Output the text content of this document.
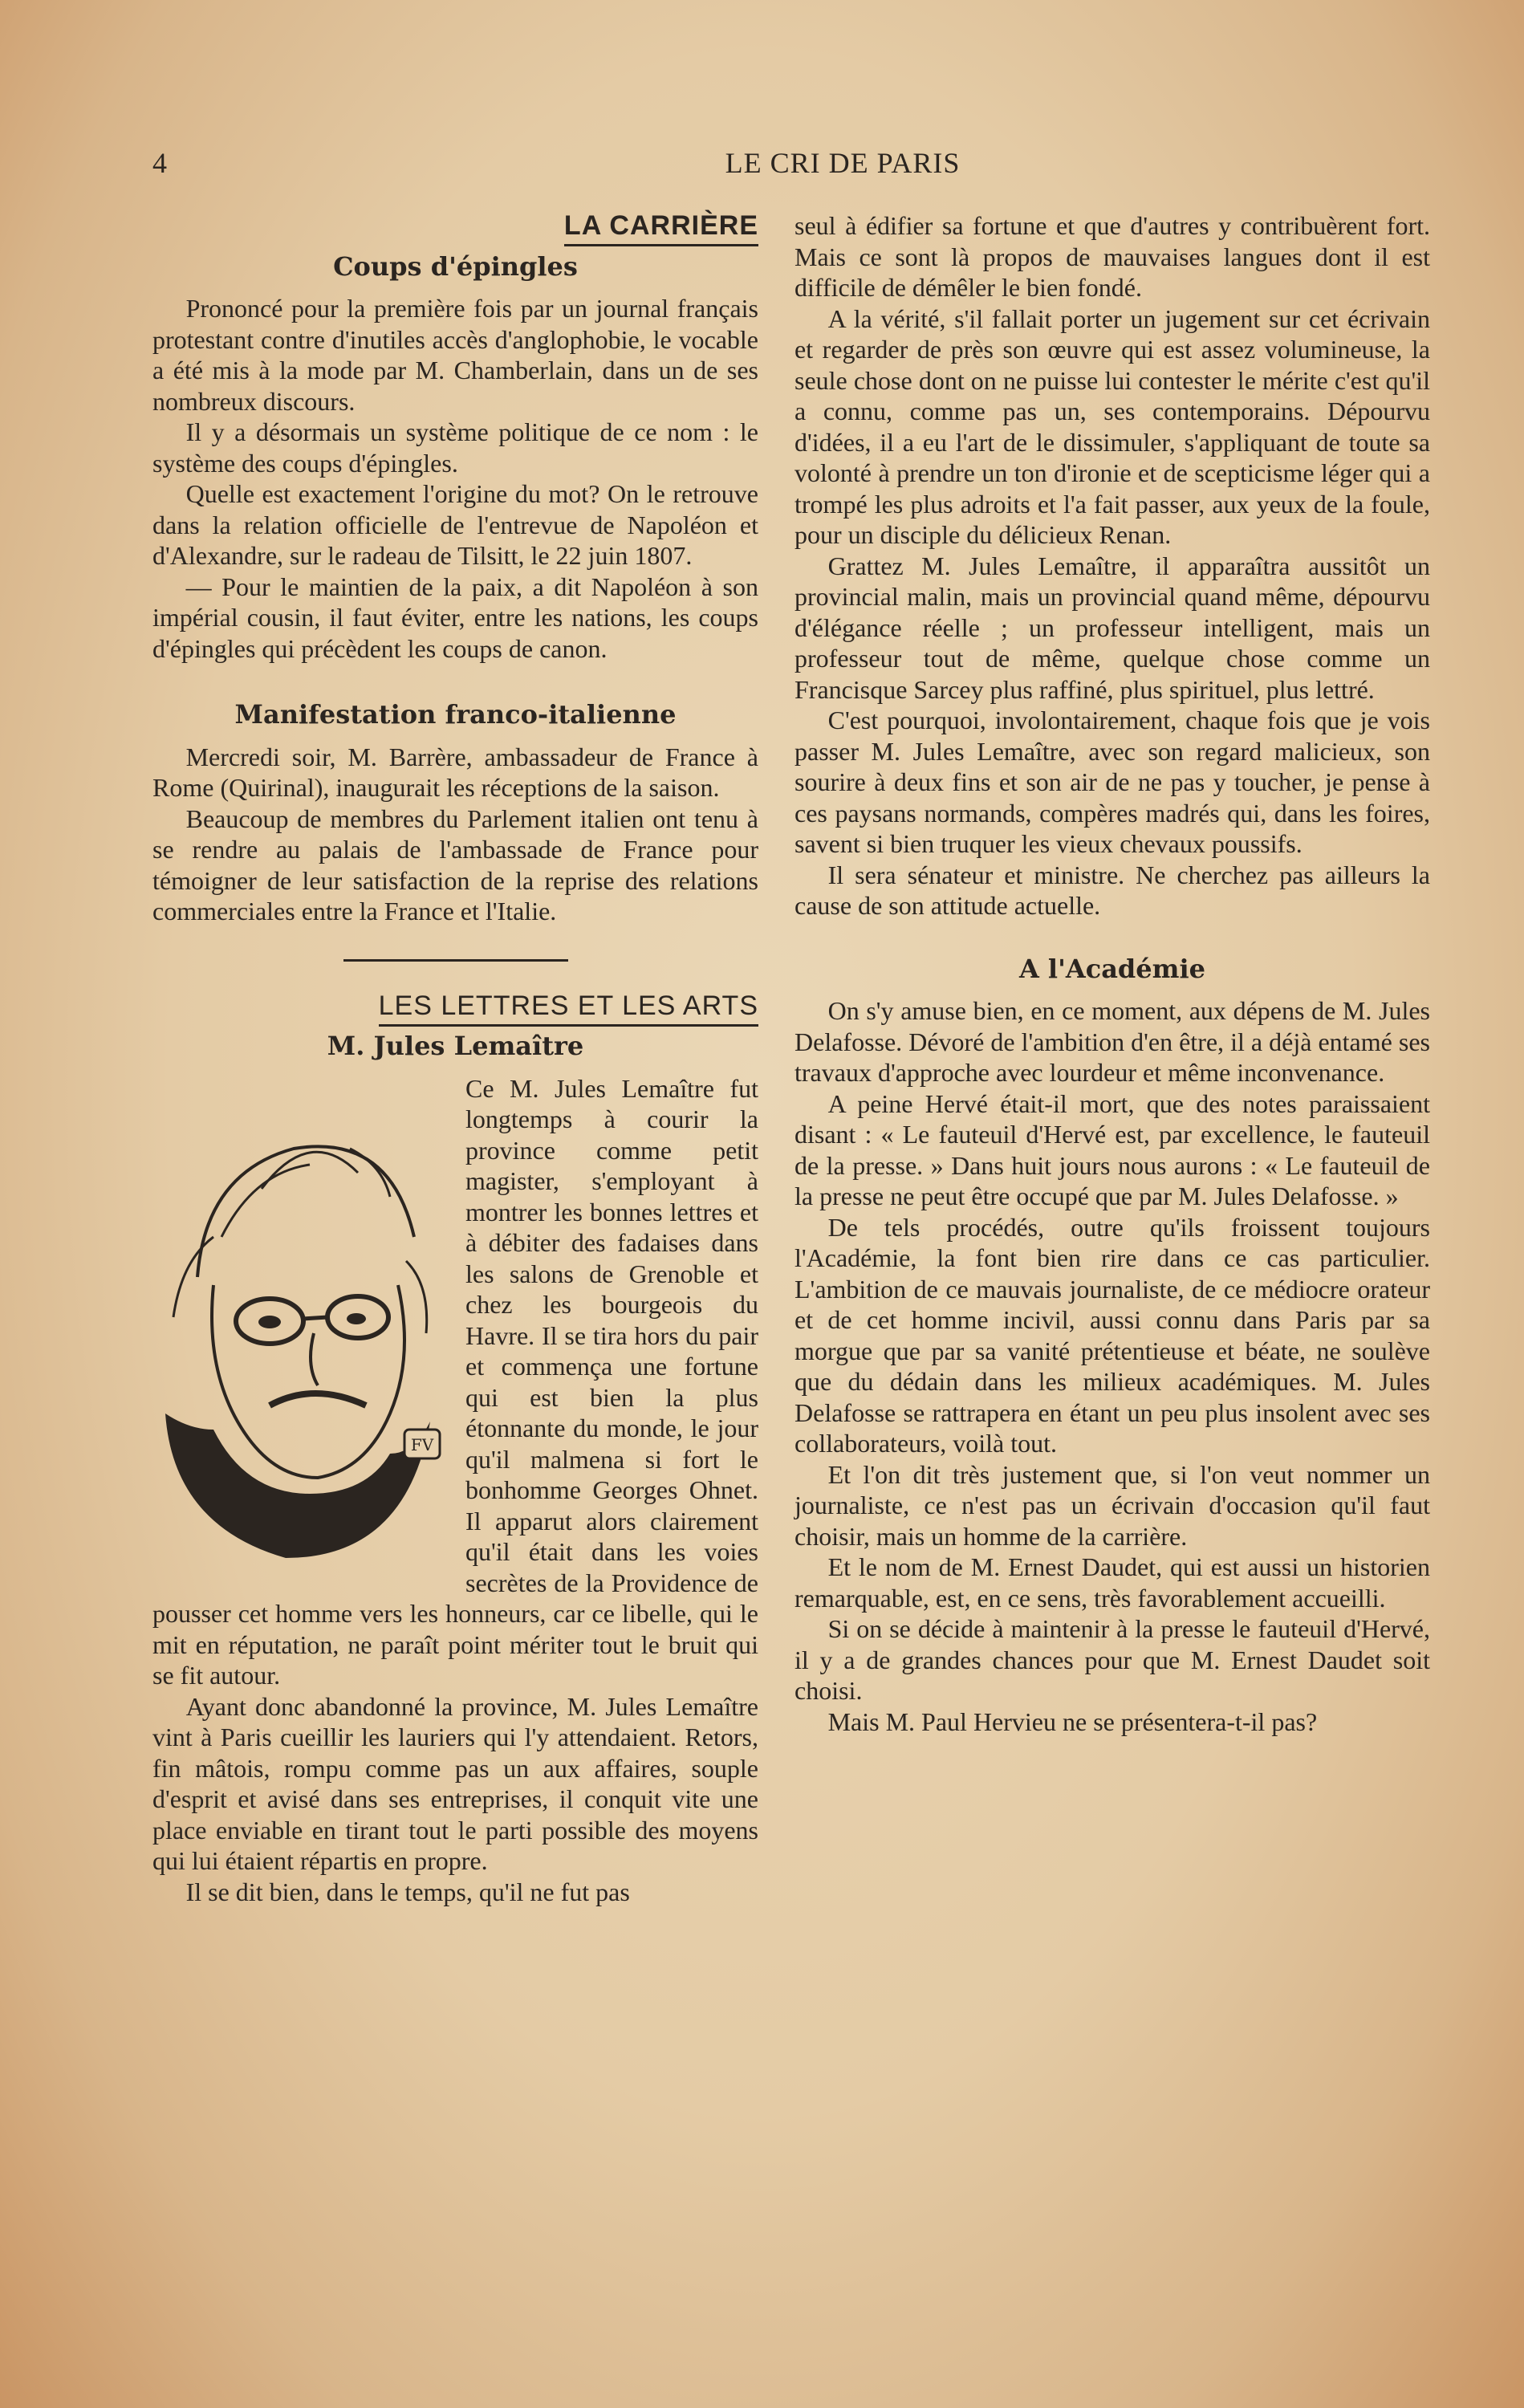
4	LE CRI DE PARIS
LA CARRIÈRE
Coups d'épingles

Prononcé pour la première fois par un journal français protestant contre d'inutiles accès d'anglophobie, le vocable a été mis à la mode par M. Chamberlain, dans un de ses nombreux discours.

Il y a désormais un système politique de ce nom : le système des coups d'épingles.

Quelle est exactement l'origine du mot? On le retrouve dans la relation officielle de l'entrevue de Napoléon et d'Alexandre, sur le radeau de Tilsitt, le 22 juin 1807.

— Pour le maintien de la paix, a dit Napoléon à son impérial cousin, il faut éviter, entre les nations, les coups d'épingles qui précèdent les coups de canon.

Manifestation franco-italienne

Mercredi soir, M. Barrère, ambassadeur de France à Rome (Quirinal), inaugurait les réceptions de la saison.

Beaucoup de membres du Parlement italien ont tenu à se rendre au palais de l'ambassade de France pour témoigner de leur satisfaction de la reprise des relations commerciales entre la France et l'Italie.

LES LETTRES ET LES ARTS
M. Jules Lemaître

FV
Ce M. Jules Lemaître fut longtemps à courir la province comme petit magister, s'employant à montrer les bonnes lettres et à débiter des fadaises dans les salons de Grenoble et chez les bourgeois du Havre. Il se tira hors du pair et commença une fortune qui est bien la plus étonnante du monde, le jour qu'il malmena si fort le bonhomme Georges Ohnet. Il apparut alors clairement qu'il était dans les voies secrètes de la Providence de pousser cet homme vers les honneurs, car ce libelle, qui le mit en réputation, ne paraît point mériter tout le bruit qui se fit autour.

Ayant donc abandonné la province, M. Jules Lemaître vint à Paris cueillir les lauriers qui l'y attendaient. Retors, fin mâtois, rompu comme pas un aux affaires, souple d'esprit et avisé dans ses entreprises, il conquit vite une place enviable en tirant tout le parti possible des moyens qui lui étaient répartis en propre.

Il se dit bien, dans le temps, qu'il ne fut pas

seul à édifier sa fortune et que d'autres y contribuèrent fort. Mais ce sont là propos de mauvaises langues dont il est difficile de démêler le bien fondé.

A la vérité, s'il fallait porter un jugement sur cet écrivain et regarder de près son œuvre qui est assez volumineuse, la seule chose dont on ne puisse lui contester le mérite c'est qu'il a connu, comme pas un, ses contemporains. Dépourvu d'idées, il a eu l'art de le dissimuler, s'appliquant de toute sa volonté à prendre un ton d'ironie et de scepticisme léger qui a trompé les plus adroits et l'a fait passer, aux yeux de la foule, pour un disciple du délicieux Renan.

Grattez M. Jules Lemaître, il apparaîtra aussitôt un provincial malin, mais un provincial quand même, dépourvu d'élégance réelle ; un professeur intelligent, mais un professeur tout de même, quelque chose comme un Francisque Sarcey plus raffiné, plus spirituel, plus lettré.

C'est pourquoi, involontairement, chaque fois que je vois passer M. Jules Lemaître, avec son regard malicieux, son sourire à deux fins et son air de ne pas y toucher, je pense à ces paysans normands, compères madrés qui, dans les foires, savent si bien truquer les vieux chevaux poussifs.

Il sera sénateur et ministre. Ne cherchez pas ailleurs la cause de son attitude actuelle.

A l'Académie

On s'y amuse bien, en ce moment, aux dépens de M. Jules Delafosse. Dévoré de l'ambition d'en être, il a déjà entamé ses travaux d'approche avec lourdeur et même inconvenance.

A peine Hervé était-il mort, que des notes paraissaient disant : « Le fauteuil d'Hervé est, par excellence, le fauteuil de la presse. » Dans huit jours nous aurons : « Le fauteuil de la presse ne peut être occupé que par M. Jules Delafosse. »

De tels procédés, outre qu'ils froissent toujours l'Académie, la font bien rire dans ce cas particulier. L'ambition de ce mauvais journaliste, de ce médiocre orateur et de cet homme incivil, aussi connu dans Paris par sa morgue que par sa vanité prétentieuse et béate, ne soulève que du dédain dans les milieux académiques. M. Jules Delafosse se rattrapera en étant un peu plus insolent avec ses collaborateurs, voilà tout.

Et l'on dit très justement que, si l'on veut nommer un journaliste, ce n'est pas un écrivain d'occasion qu'il faut choisir, mais un homme de la carrière.

Et le nom de M. Ernest Daudet, qui est aussi un historien remarquable, est, en ce sens, très favorablement accueilli.

Si on se décide à maintenir à la presse le fauteuil d'Hervé, il y a de grandes chances pour que M. Ernest Daudet soit choisi.

Mais M. Paul Hervieu ne se présentera-t-il pas?
